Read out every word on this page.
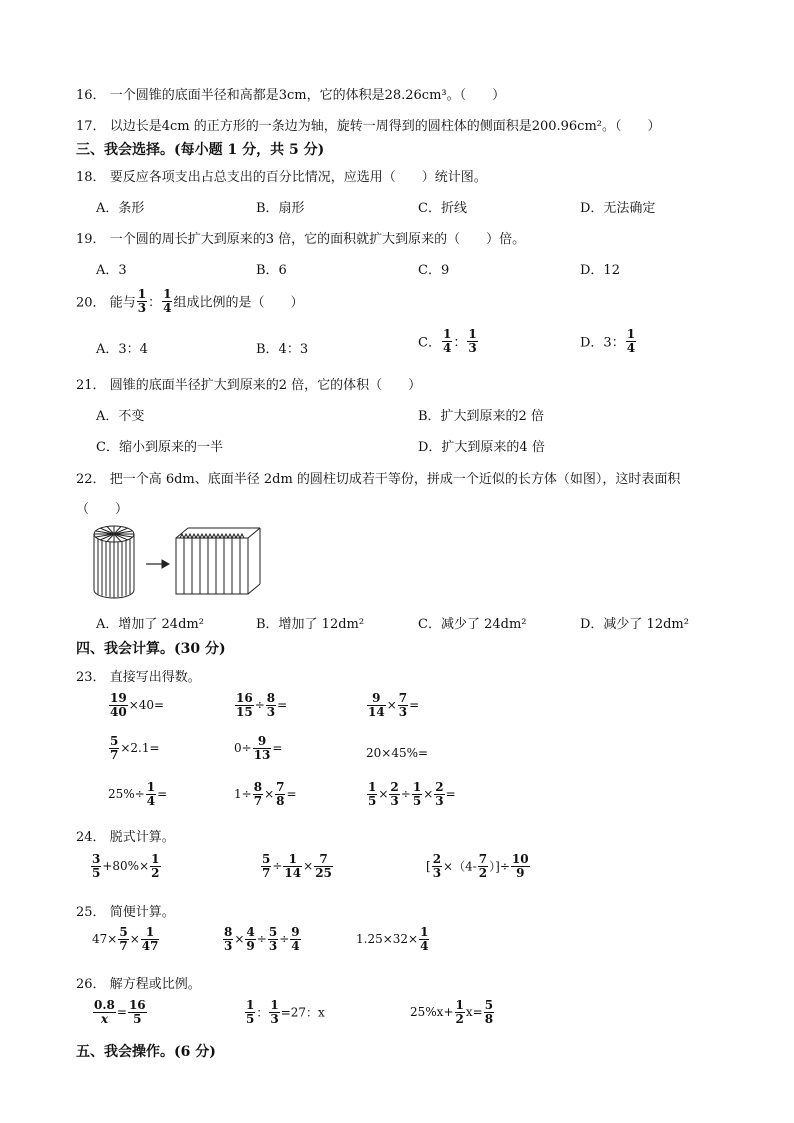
16． 一个圆锥的底面半径和高都是3cm，它的体积是28.26cm³。（　　）
17． 以边长是4cm 的正方形的一条边为轴，旋转一周得到的圆柱体的侧面积是200.96cm²。（　　）
三、我会选择。(每小题 1 分，共 5 分)
18． 要反应各项支出占总支出的百分比情况，应选用（　　）统计图。
A．条形	B．扇形	C．折线	D．无法确定
19． 一个圆的周长扩大到原来的3 倍，它的面积就扩大到原来的（　　）倍。
A．3	B．6	C．9	D．12
20． 能与 $\frac{1}{3}$ ： $\frac{1}{4}$ 组成比例的是（　　）
A．3：4	B．4：3	C． $\frac{1}{4}$ ： $\frac{1}{3}$	D．3： $\frac{1}{4}$
21． 圆锥的底面半径扩大到原来的2 倍，它的体积（　　）
A．不变	B．扩大到原来的2 倍
C．缩小到原来的一半	D．扩大到原来的4 倍
22． 把一个高 6dm、底面半径 2dm 的圆柱切成若干等份，拼成一个近似的长方体（如图），这时表面积
（　　）
A．增加了 24dm²	B．增加了 12dm²	C．减少了 24dm²	D．减少了 12dm²
四、我会计算。(30 分)
23． 直接写出得数。
$\frac{19}{40} \times 40=$	$\frac{16}{15} \div \frac{8}{3}$ =	$\frac{9}{14} \times \frac{7}{3}$ =
$\frac{5}{7} \times 2.1=$	$0\div \frac{9}{13}$ =	20×45%=
$25\%\div \frac{1}{4}$ =	$1\div \frac{8}{7} \times \frac{7}{8}$ =	$\frac{1}{5} \times \frac{2}{3} \div \frac{1}{5} \times \frac{2}{3}$ =
24． 脱式计算。
$\frac{3}{5} +80\%\times \frac{1}{2}$	$\frac{5}{7} \div \frac{1}{14} \times \frac{7}{25}$	[ $\frac{2}{3} \times(4- \frac{7}{2}$ ）]÷ $\frac{10}{9}$
25． 简便计算。
$47\times \frac{5}{7} \times \frac{1}{47}$	$\frac{8}{3} \times \frac{4}{9} \div \frac{5}{3} \div \frac{9}{4}$	$1.25\times 32\times \frac{1}{4}$
26． 解方程或比例。
$\frac{0.8}{x} = \frac{16}{5}$	$\frac{1}{5}$ ： $\frac{1}{3} =27$：x	$25\%x+ \frac{1}{2} x= \frac{5}{8}$
五、我会操作。(6 分)
